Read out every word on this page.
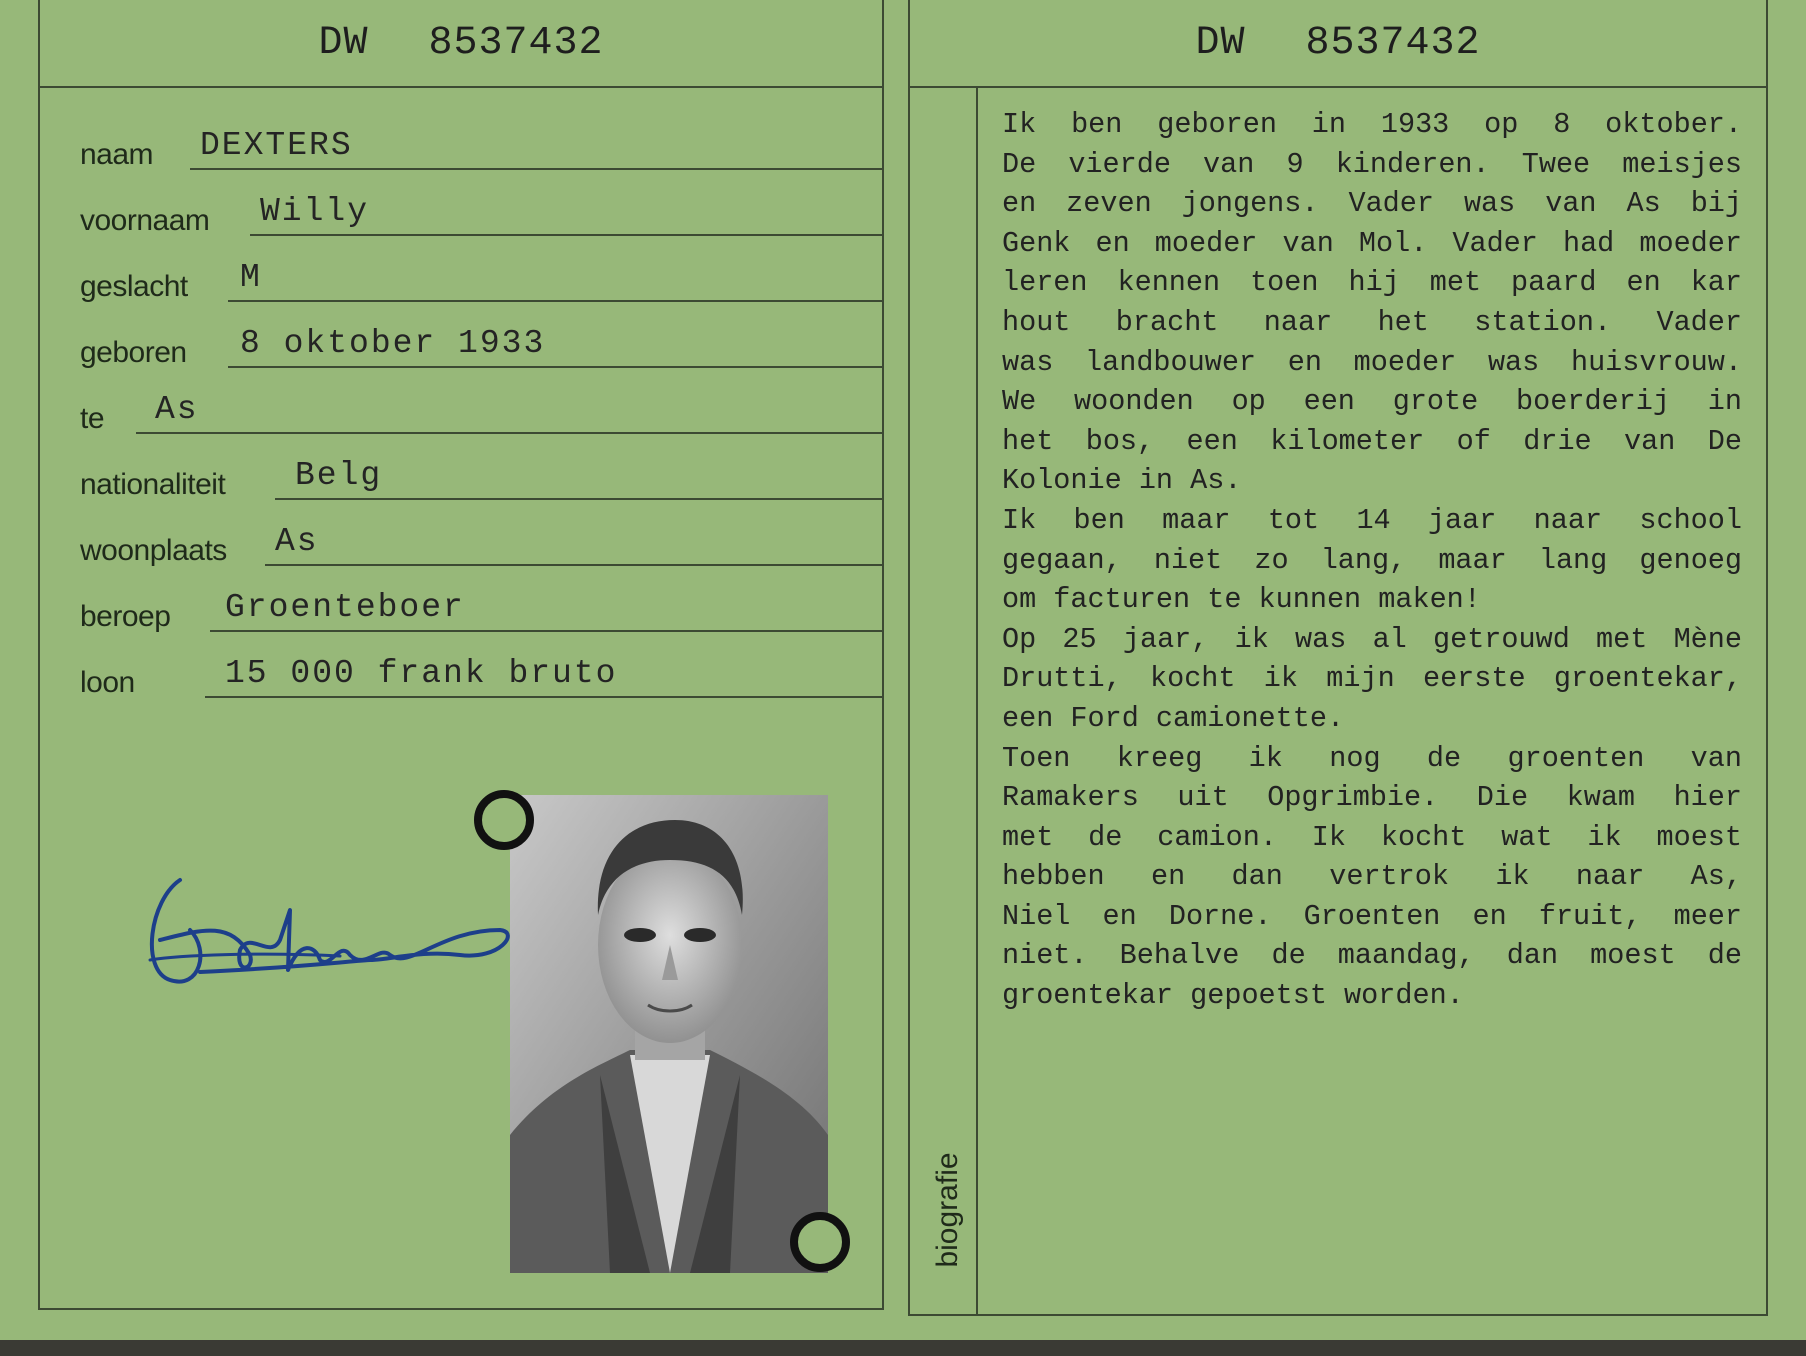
DW 8537432
naam DEXTERS
voornaam Willy
geslacht M
geboren 8 oktober 1933
te As
nationaliteit Belg
woonplaats As
beroep Groenteboer
loon	15 000 frank bruto
DW 8537432
biografie
Ik ben geboren in 1933 op 8 oktober.
De vierde van 9 kinderen. Twee meisjes
en zeven jongens. Vader was van As bij
Genk en moeder van Mol. Vader had moeder
leren kennen toen hij met paard en kar
hout bracht naar het station. Vader
was landbouwer en moeder was huisvrouw.
We woonden op een grote boerderij in
het bos, een kilometer of drie van De
Kolonie in As.
Ik ben maar tot 14 jaar naar school
gegaan, niet zo lang, maar lang genoeg
om facturen te kunnen maken!
Op 25 jaar, ik was al getrouwd met Mène
Drutti, kocht ik mijn eerste groentekar,
een Ford camionette.
Toen kreeg ik nog de groenten van
Ramakers uit Opgrimbie. Die kwam hier
met de camion. Ik kocht wat ik moest
hebben en dan vertrok ik naar As,
Niel en Dorne. Groenten en fruit, meer
niet. Behalve de maandag, dan moest de
groentekar gepoetst worden.
